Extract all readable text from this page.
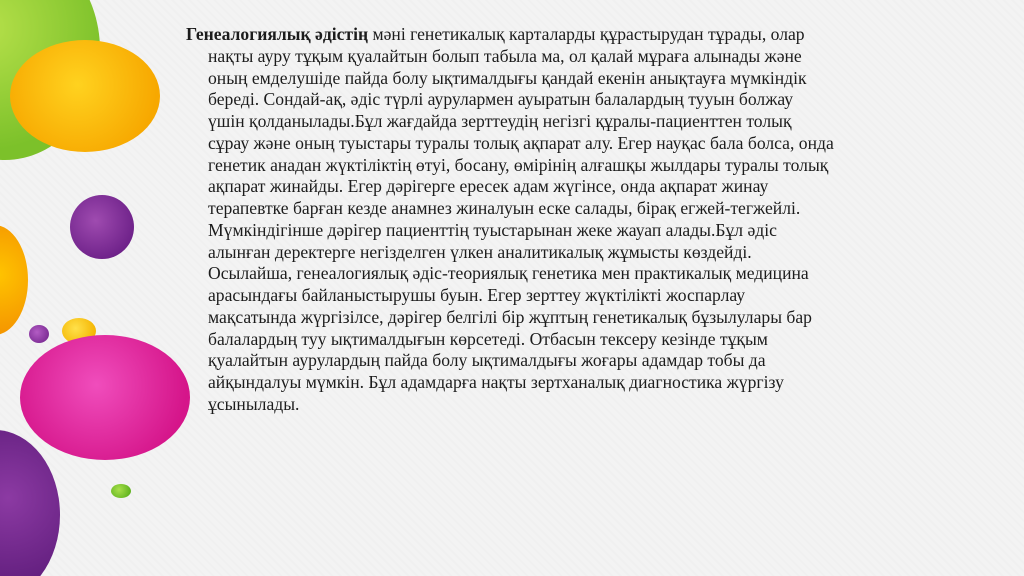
Генеалогиялық әдістің мәні генетикалық карталарды құрастырудан тұрады, олар нақты ауру тұқым қуалайтын болып табыла ма, ол қалай мұрағa алынады және оның емделушіде пайда болу ықтималдығы қандай екенін анықтауға мүмкіндік береді. Сондай-ақ, әдіс түрлі аурулармен ауыратын балалардың тууын болжау үшін қолданылады.Бұл жағдайда зерттеудің негізгі құралы-пациенттен толық сұрау және оның туыстары туралы толық ақпарат алу. Егер науқас бала болса, онда генетик анадан жүктіліктің өтуі, босану, өмірінің алғашқы жылдары туралы толық ақпарат жинайды. Егер дәрігерге ересек адам жүгінсе, онда ақпарат жинау терапевтке барған кезде анамнез жиналуын еске салады, бірақ егжей-тегжейлі. Мүмкіндігінше дәрігер пациенттің туыстарынан жеке жауап алады.Бұл әдіс алынған деректерге негізделген үлкен аналитикалық жұмысты көздейді. Осылайша, генеалогиялық әдіс-теориялық генетика мен практикалық медицина арасындағы байланыстырушы буын. Егер зерттеу жүктілікті жоспарлау мақсатында жүргізілсе, дәрігер белгілі бір жұптың генетикалық бұзылулары бар балалардың туу ықтималдығын көрсетеді. Отбасын тексеру кезінде тұқым қуалайтын аурулардың пайда болу ықтималдығы жоғары адамдар тобы да айқындалуы мүмкін. Бұл адамдарға нақты зертханалық диагностика жүргізу ұсынылады.
